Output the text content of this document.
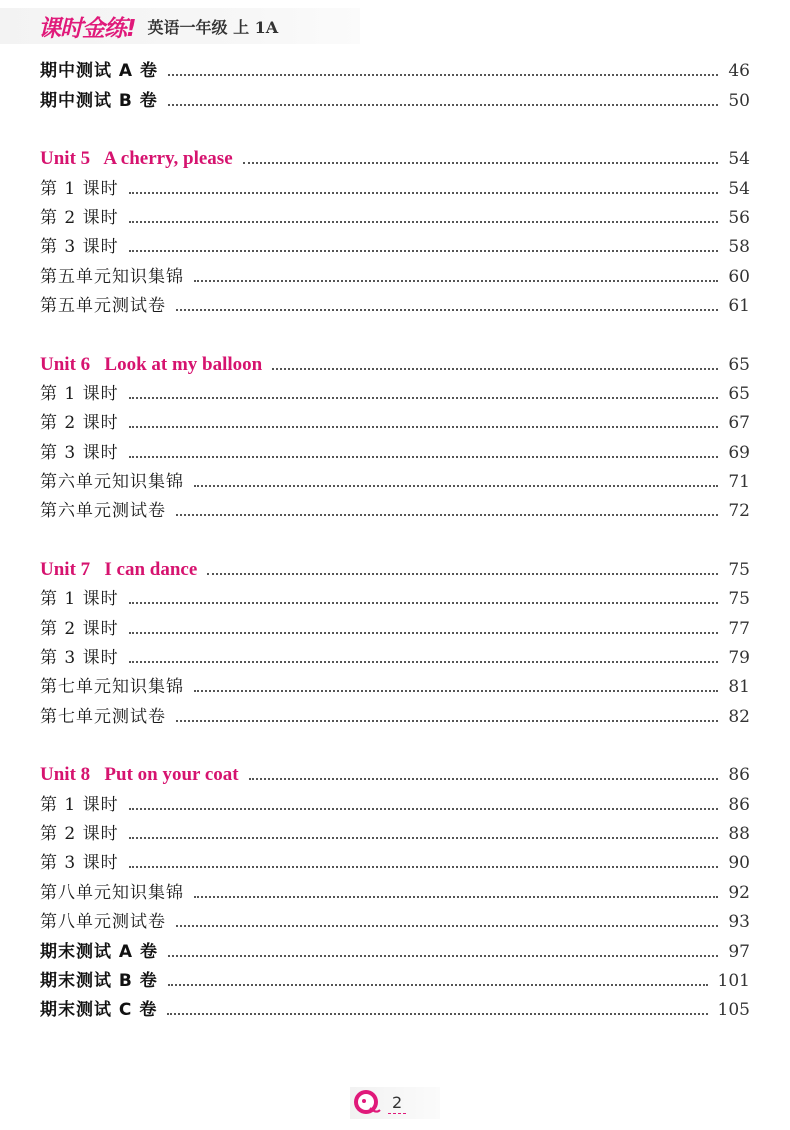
课时金练! 英语一年级 上 1A
期中测试 A 卷	46
期中测试 B 卷	50
Unit 5   A cherry, please	54
第 1 课时	54
第 2 课时	56
第 3 课时	58
第五单元知识集锦	60
第五单元测试卷	61
Unit 6   Look at my balloon	65
第 1 课时	65
第 2 课时	67
第 3 课时	69
第六单元知识集锦	71
第六单元测试卷	72
Unit 7   I can dance	75
第 1 课时	75
第 2 课时	77
第 3 课时	79
第七单元知识集锦	81
第七单元测试卷	82
Unit 8   Put on your coat	86
第 1 课时	86
第 2 课时	88
第 3 课时	90
第八单元知识集锦	92
第八单元测试卷	93
期末测试 A 卷	97
期末测试 B 卷	101
期末测试 C 卷	105
2
